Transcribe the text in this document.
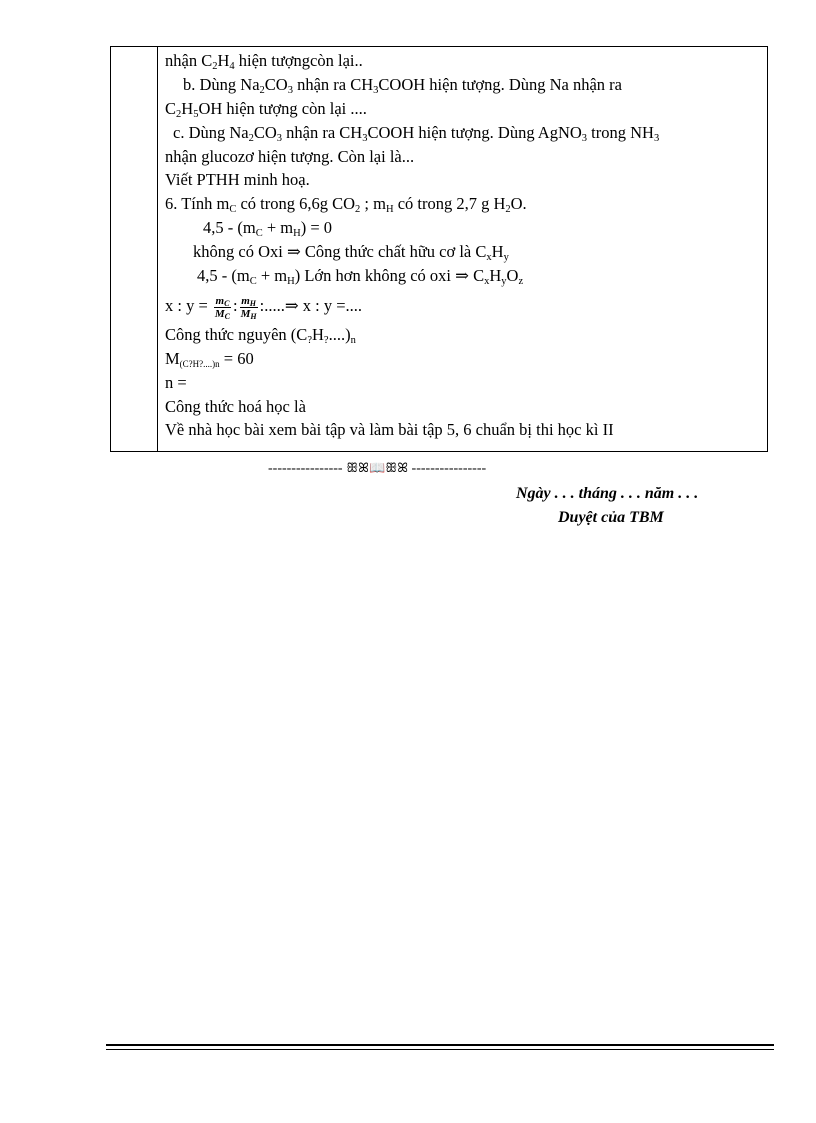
nhận $C_2H_4$ hiện tượngcòn lại..
b. Dùng $Na_2CO_3$ nhận ra $CH_3COOH$ hiện tượng. Dùng Na nhận ra
$C_2H_5OH$ hiện tượng còn lại ....
c. Dùng $Na_2CO_3$ nhận ra $CH_3COOH$ hiện tượng. Dùng AgNO$_3$ trong $NH_3$
nhận glucozơ hiện tượng. Còn lại là...
Viết PTHH minh hoạ.
6. Tính $m_C$ có trong 6,6g $CO_2$ ; $m_H$ có trong 2,7 g $H_2O$.
$4,5 - (m_C + m_H) = 0$
không có Oxi ⇒ Công thức chất hữu cơ là $C_xH_y$
$4,5 - (m_C + m_H)$ Lớn hơn không có oxi ⇒ $C_xH_yO_z$
x : $y = \frac{m_C}{M_C}$ : $\frac{m_H}{M_H}$ :.....⇒ x : y =....
Công thức nguyên $(C_?H_?....)_n$
$M_{(C?H?....)n} = 60$
n =
Công thức hoá học là
Về nhà học bài xem bài tập và làm bài tập 5, 6 chuẩn bị thi học kì II
---------------- ꕥꕤ📖ꕥꕤ ----------------
Ngày . . . tháng . . . năm . . .
Duyệt của TBM
